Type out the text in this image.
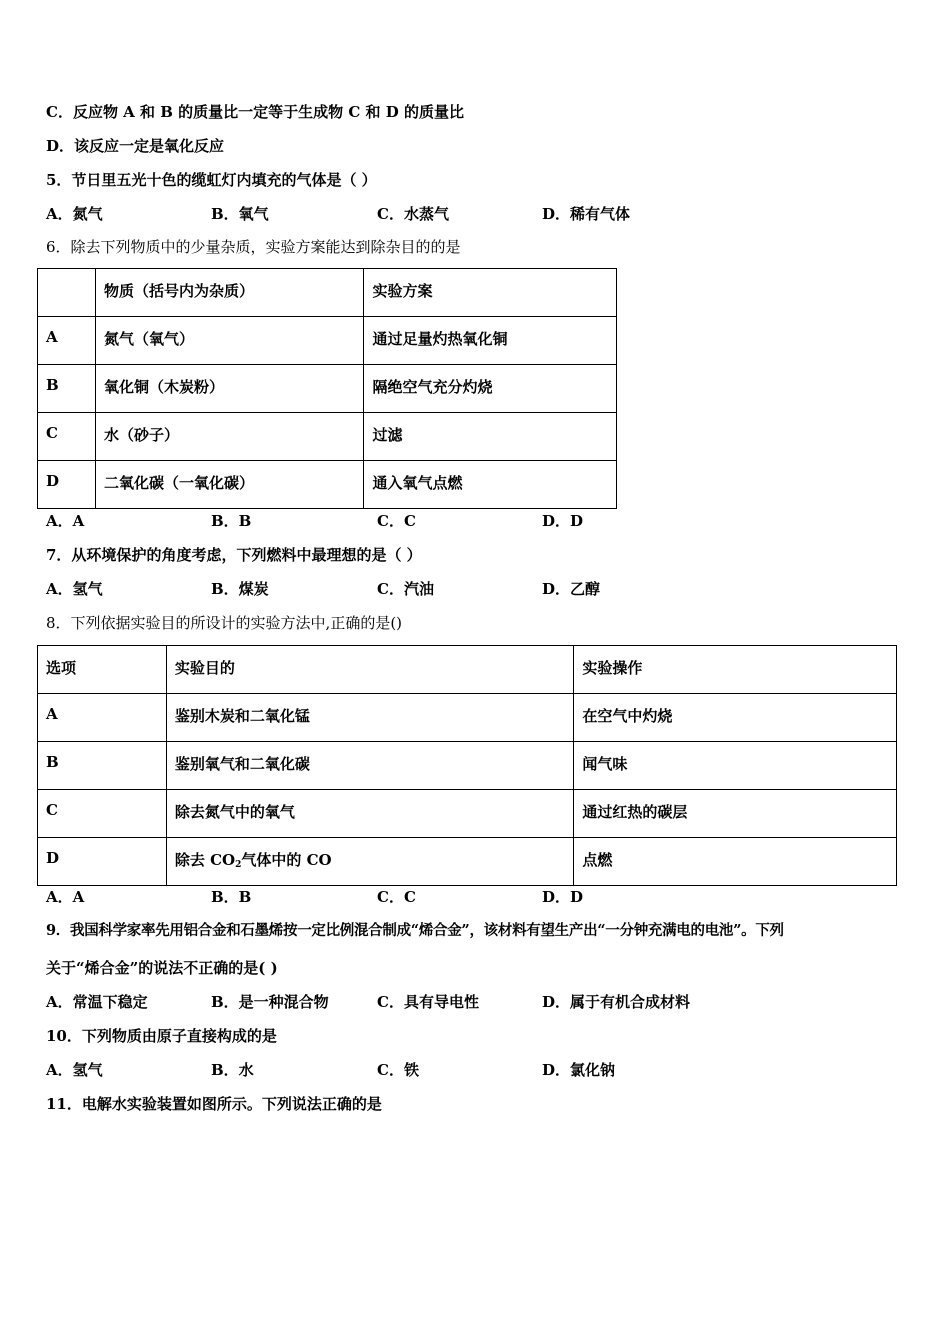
C．反应物 A 和 B 的质量比一定等于生成物 C 和 D 的质量比
D．该反应一定是氧化反应
5．节日里五光十色的缆虹灯内填充的气体是（ ）
A．氮气	B．氧气	C．水蒸气	D．稀有气体
6．除去下列物质中的少量杂质，实验方案能达到除杂目的的是
	物质（括号内为杂质）	实验方案
A	氮气（氧气）	通过足量灼热氧化铜
B	氧化铜（木炭粉）	隔绝空气充分灼烧
C	水（砂子）	过滤
D	二氧化碳（一氧化碳）	通入氧气点燃
A．A	B．B	C．C	D．D
7．从环境保护的角度考虑，下列燃料中最理想的是（ ）
A．氢气	B．煤炭	C．汽油	D．乙醇
8．下列依据实验目的所设计的实验方法中,正确的是()
选项	实验目的	实验操作
A	鉴别木炭和二氧化锰	在空气中灼烧
B	鉴别氧气和二氧化碳	闻气味
C	除去氮气中的氧气	通过红热的碳层
D	除去 $CO_2$气体中的 CO	点燃
A．A	B．B	C．C	D．D
9．我国科学家率先用铝合金和石墨烯按一定比例混合制成“烯合金”，该材料有望生产出“一分钟充满电的电池”。下列
关于“烯合金”的说法不正确的是( )
A．常温下稳定	B．是一种混合物	C．具有导电性	D．属于有机合成材料
10．下列物质由原子直接构成的是
A．氢气	B．水	C．铁	D．氯化钠
11．电解水实验装置如图所示。下列说法正确的是
